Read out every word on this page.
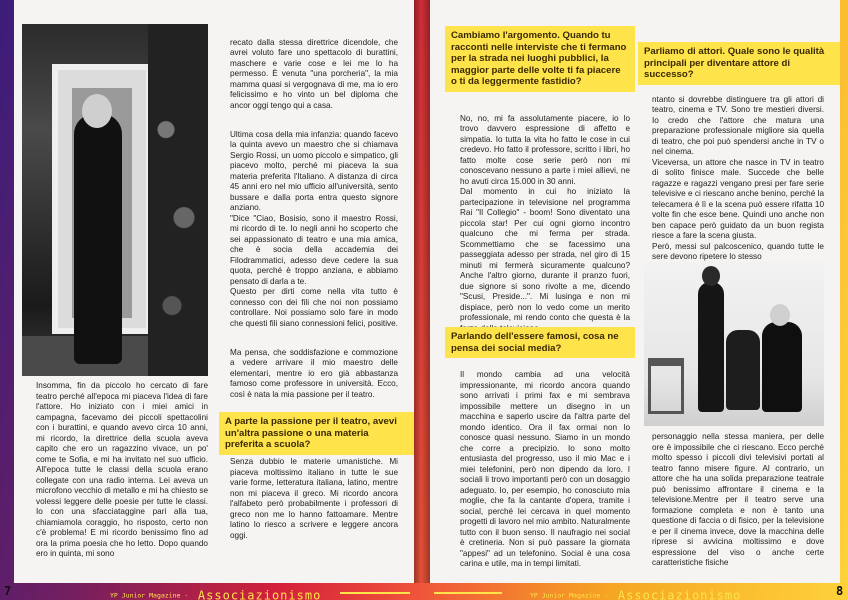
Insomma, fin da piccolo ho cercato di fare teatro perché all'epoca mi piaceva l'idea di fare l'attore. Ho iniziato con i miei amici in campagna, facevamo dei piccoli spettacolini con i burattini, e quando avevo circa 10 anni, mi ricordo, la direttrice della scuola aveva capito che ero un ragazzino vivace, un po' come te Sofia, e mi ha invitato nel suo ufficio. All'epoca tutte le classi della scuola erano collegate con una radio interna. Lei aveva un microfono vecchio di metallo e mi ha chiesto se volessi leggere delle poesie per tutte le classi. Io con una sfacciataggine pari alla tua, chiamiamola coraggio, ho risposto, certo non c'è problema! E mi ricordo benissimo fino ad ora la prima poesia che ho letto. Dopo quando ero in quinta, mi sono

recato dalla stessa direttrice dicendole, che avrei voluto fare uno spettacolo di burattini, maschere e varie cose e lei me lo ha permesso. È venuta "una porcheria", la mia mamma quasi si vergognava di me, ma io ero felicissimo e ho vinto un bel diploma che ancor oggi tengo qui a casa.

Ultima cosa della mia infanzia: quando facevo la quinta avevo un maestro che si chiamava Sergio Rossi, un uomo piccolo e simpatico, gli piacevo molto, perché mi piaceva la sua materia preferita l'Italiano. A distanza di circa 45 anni ero nel mio ufficio all'università, sento bussare e dalla porta entra questo signore anziano.
"Dice "Ciao, Bosisio, sono il maestro Rossi, mi ricordo di te. Io negli anni ho scoperto che sei appassionato di teatro e una mia amica, che è socia della accademia dei Filodrammatici, adesso deve cedere la sua quota, perché è troppo anziana, e abbiamo pensato di darla a te.
Questo per dirti come nella vita tutto è connesso con dei fili che noi non possiamo controllare. Noi possiamo solo fare in modo che questi fili siano connessioni felici, positive.

Ma pensa, che soddisfazione e commozione a vedere arrivare il mio maestro delle elementari, mentre io ero già abbastanza famoso come professore in università. Ecco, così è nata la mia passione per il teatro.

A parte la passione per il teatro, avevi un'altra passione o una materia preferita a scuola?

Senza dubbio le materie umanistiche. Mi piaceva moltissimo italiano in tutte le sue varie forme, letteratura italiana, latino, mentre non mi piaceva il greco. Mi ricordo ancora l'alfabeto però probabilmente i professori di greco non me lo hanno fattoamare. Mentre latino lo riesco a scrivere e leggere ancora oggi.

Cambiamo l'argomento. Quando tu racconti nelle interviste che ti fermano per la strada nei luoghi pubblici, la maggior parte delle volte ti fa piacere o ti da leggermente fastidio?

No, no, mi fa assolutamente piacere, io lo trovo davvero espressione di affetto e simpatia. Io tutta la vita ho fatto le cose in cui credevo. Ho fatto il professore, scritto i libri, ho fatto molte cose serie però non mi conoscevano nessuno a parte i miei allievi, ne ho avuti circa 15.000 in 30 anni.
Dal momento in cui ho iniziato la partecipazione in televisione nel programma Rai "Il Collegio" - boom! Sono diventato una piccola star! Per cui ogni giorno incontro qualcuno che mi ferma per strada. Scommettiamo che se facessimo una passeggiata adesso per strada, nel giro di 15 minuti mi fermerà sicuramente qualcuno? Anche l'altro giorno, durante il pranzo fuori, due signore si sono rivolte a me, dicendo "Scusi, Preside...". Mi lusinga e non mi dispiace, però non lo vedo come un merito professionale, mi rendo conto che questa è la

Parlando dell'essere famosi, cosa ne pensa dei social media?

Il mondo cambia ad una velocità impressionante, mi ricordo ancora quando sono arrivati i primi fax e mi sembrava impossibile mettere un disegno in un macchina e saperlo uscire da l'altra parte del mondo identico. Ora il fax ormai non lo conosce quasi nessuno. Siamo in un mondo che corre a precipizio. Io sono molto entusiasta del progresso, uso il mio Mac e i miei telefonini, però non dipendo da loro. I sociali li trovo importanti però con un dosaggio adeguato. Io, per esempio, ho conosciuto mia moglie, che fa la cantante d'opera, tramite i social, perché lei cercava in quel momento progetti di lavoro nel mio ambito. Naturalmente tutto con il buon senso. Il naufragio nei social è cretineria. Non si può passare la giornata "appesi" ad un telefonino. Social è una cosa carina e utile, ma in tempi limitati.

Parliamo di attori. Quale sono le qualità principali per diventare attore di successo?

ntanto si dovrebbe distinguere tra gli attori di teatro, cinema e TV. Sono tre mestieri diversi. Io credo che l'attore che matura una preparazione professionale migliore sia quella di teatro, che poi può spendersi anche in TV o nel cinema.
Viceversa, un attore che nasce in TV in teatro di solito finisce male. Succede che belle ragazze e ragazzi vengano presi per fare serie televisive e ci riescano anche benino, perché la telecamera è lì e la scena può essere rifatta 10 volte fin che esce bene. Quindi uno anche non ben capace però guidato da un buon regista riesce a fare la scena giusta.
Però, messi sul palcoscenico, quando tutte le sere devono ripetere lo stesso

personaggio nella stessa maniera, per delle ore è impossibile che ci riescano. Ecco perché molto spesso i piccoli divi televisivi portati al teatro fanno misere figure. Al contrario, un attore che ha una solida preparazione teatrale può benissimo affrontare il cinema e la televisione.Mentre per il teatro serve una formazione completa e non è tanto una questione di faccia o di fisico, per la televisione e per il cinema invece, dove la macchina delle riprese si avvicina moltissimo e dove espressione del viso o anche certe caratteristiche fisiche

7	YP Junior Magazine - Associazionismo	YP Junior Magazine - Associazionismo	8
